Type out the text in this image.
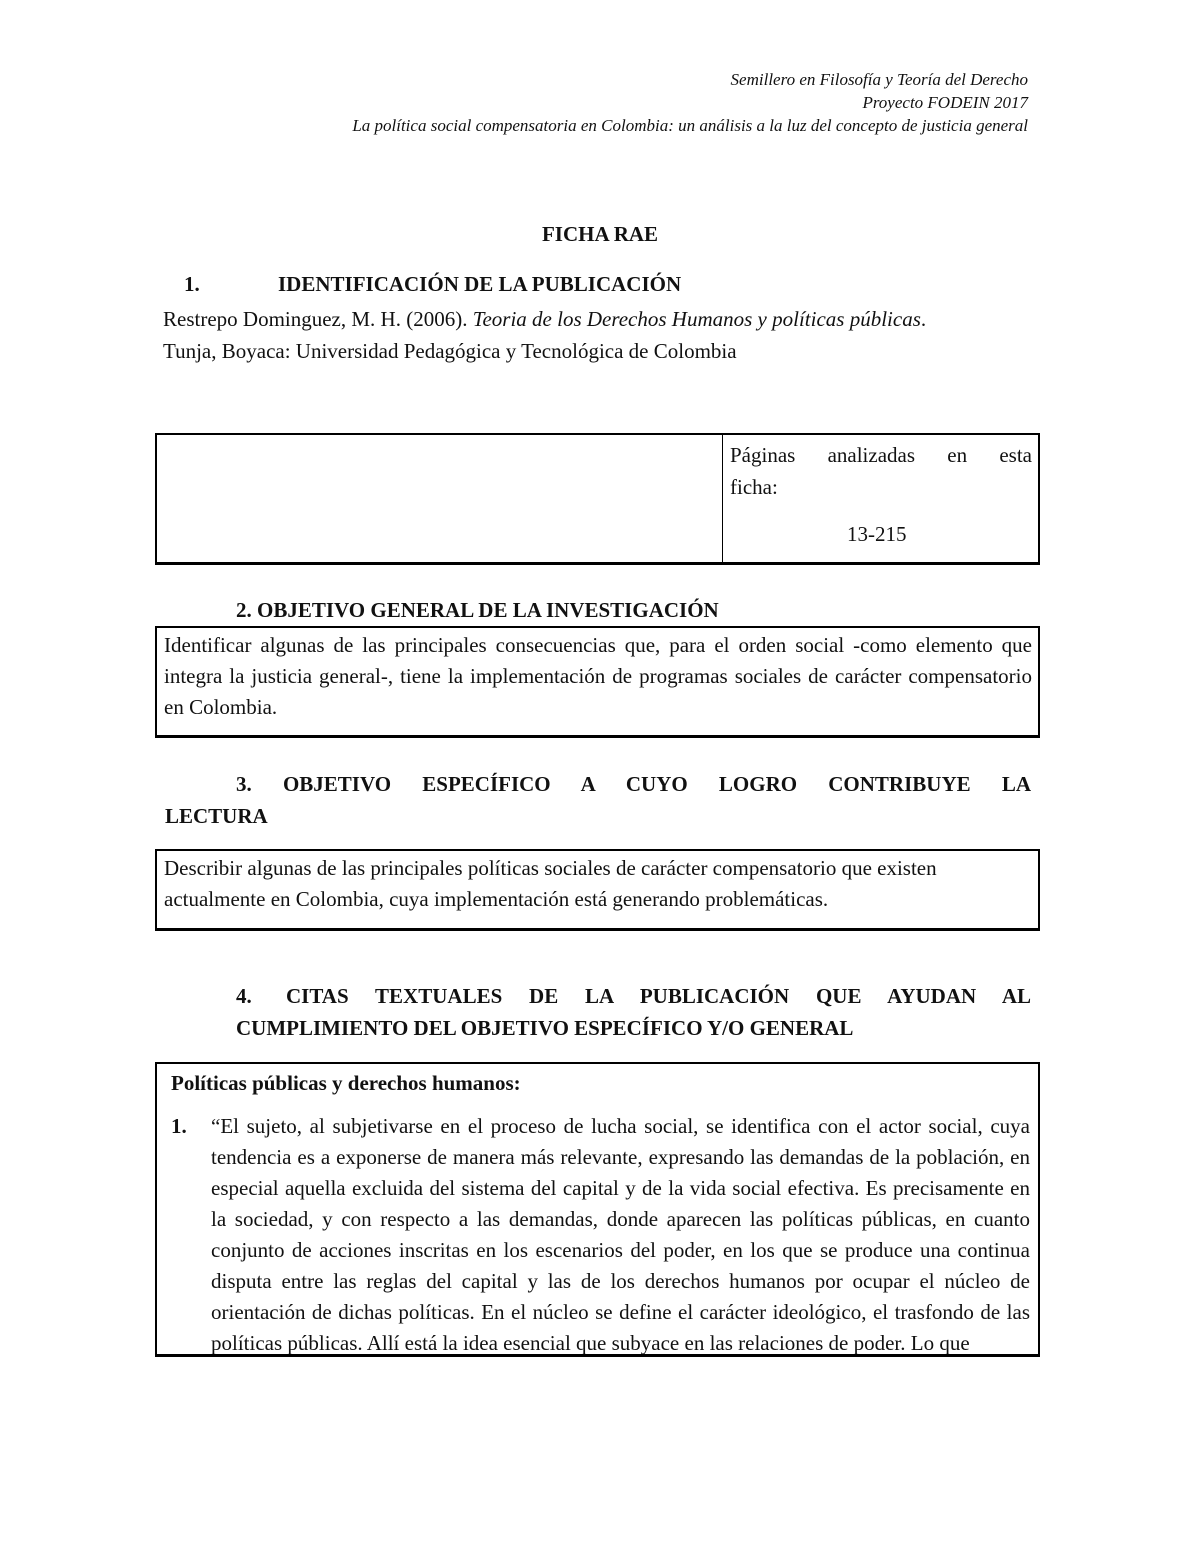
Semillero en Filosofía y Teoría del Derecho
Proyecto FODEIN 2017
La política social compensatoria en Colombia: un análisis a la luz del concepto de justicia general
FICHA RAE
1.	IDENTIFICACIÓN DE LA PUBLICACIÓN
Restrepo Dominguez, M. H. (2006). Teoria de los Derechos Humanos y políticas públicas.
Tunja, Boyaca: Universidad Pedagógica y Tecnológica de Colombia
Páginas analizadas en esta
ficha:
13-215
2. OBJETIVO GENERAL DE LA INVESTIGACIÓN
Identificar algunas de las principales consecuencias que, para el orden social -como elemento que integra la justicia general-, tiene la implementación de programas sociales de carácter compensatorio en Colombia.
3. OBJETIVO ESPECÍFICO A CUYO LOGRO CONTRIBUYE LA
LECTURA
Describir algunas de las principales políticas sociales de carácter compensatorio que existen actualmente en Colombia, cuya implementación está generando problemáticas.
4. CITAS TEXTUALES DE LA PUBLICACIÓN QUE AYUDAN AL
CUMPLIMIENTO DEL OBJETIVO ESPECÍFICO Y/O GENERAL
Políticas públicas y derechos humanos:
1. “El sujeto, al subjetivarse en el proceso de lucha social, se identifica con el actor social, cuya tendencia es a exponerse de manera más relevante, expresando las demandas de la población, en especial aquella excluida del sistema del capital y de la vida social efectiva. Es precisamente en la sociedad, y con respecto a las demandas, donde aparecen las políticas públicas, en cuanto conjunto de acciones inscritas en los escenarios del poder, en los que se produce una continua disputa entre las reglas del capital y las de los derechos humanos por ocupar el núcleo de orientación de dichas políticas. En el núcleo se define el carácter ideológico, el trasfondo de las políticas públicas. Allí está la idea esencial que subyace en las relaciones de poder. Lo que
